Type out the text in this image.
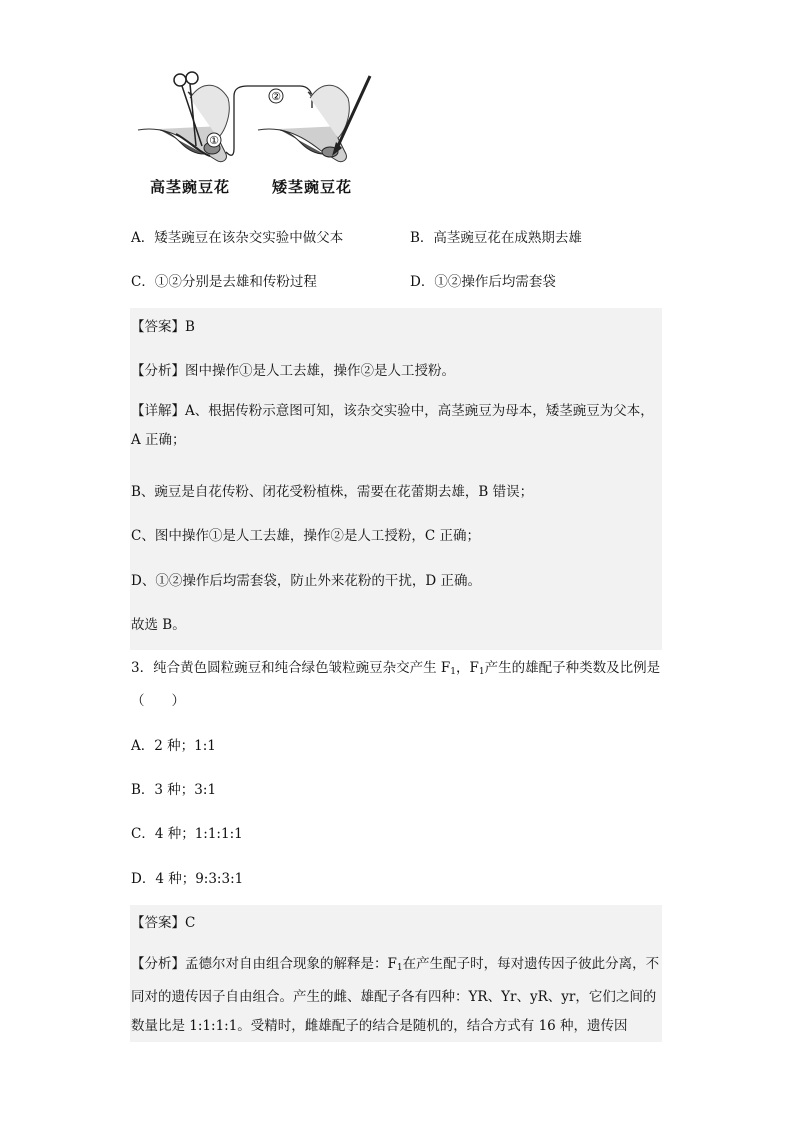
①
②
高茎豌豆花	矮茎豌豆花
A．矮茎豌豆在该杂交实验中做父本	B．高茎豌豆花在成熟期去雄
C．①②分别是去雄和传粉过程	D．①②操作后均需套袋
【答案】B
【分析】图中操作①是人工去雄，操作②是人工授粉。
【详解】A、根据传粉示意图可知，该杂交实验中，高茎豌豆为母本，矮茎豌豆为父本，A 正确；
B、豌豆是自花传粉、闭花受粉植株，需要在花蕾期去雄，B 错误；
C、图中操作①是人工去雄，操作②是人工授粉，C 正确；
D、①②操作后均需套袋，防止外来花粉的干扰，D 正确。
故选 B。
3．纯合黄色圆粒豌豆和纯合绿色皱粒豌豆杂交产生 $F_1$，$F_1$产生的雄配子种类数及比例是（　　）
A．2 种；1:1
B．3 种；3:1
C．4 种；1:1:1:1
D．4 种；9:3:3:1
【答案】C
【分析】孟德尔对自由组合现象的解释是：$F_1$在产生配子时，每对遗传因子彼此分离，不同对的遗传因子自由组合。产生的雌、雄配子各有四种：YR、Yr、yR、yr，它们之间的数量比是 1:1:1:1。受精时，雌雄配子的结合是随机的，结合方式有 16 种，遗传因
